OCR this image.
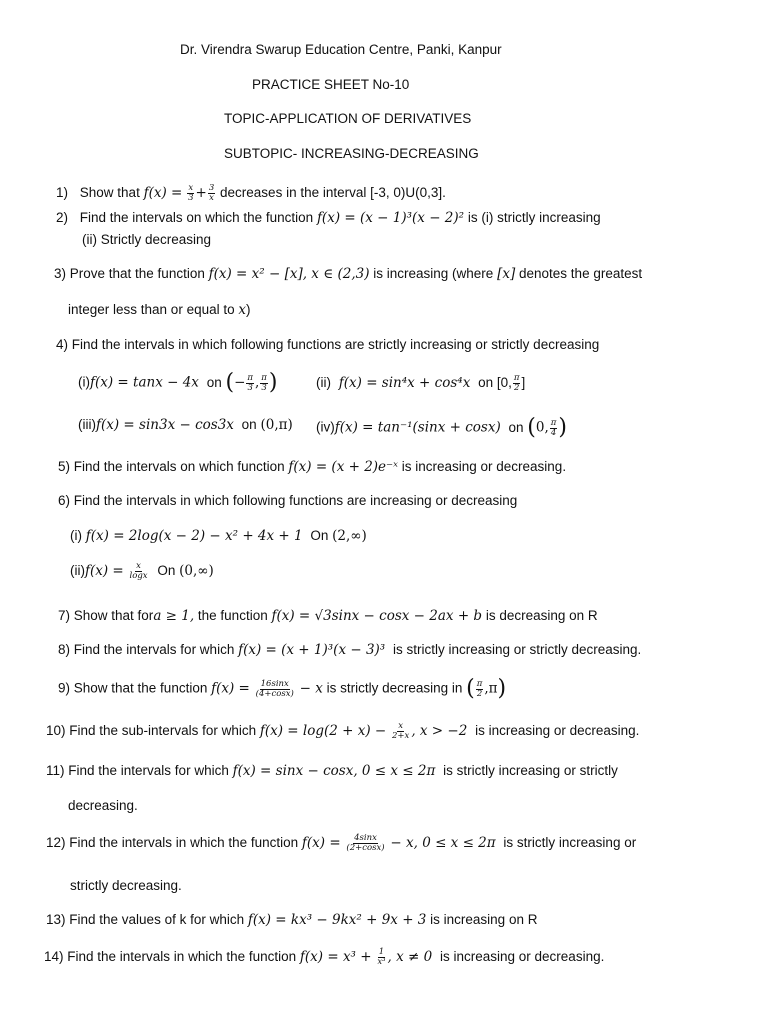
Dr. Virendra Swarup Education Centre, Panki, Kanpur
PRACTICE SHEET No-10
TOPIC-APPLICATION OF DERIVATIVES
SUBTOPIC- INCREASING-DECREASING
1) Show that $f(x) = \frac{x}{3} + \frac{3}{x}$ decreases in the interval [-3, 0)U(0,3].
2) Find the intervals on which the function f(x) = (x − 1)³(x − 2)² is (i) strictly increasing
(ii) Strictly decreasing
3) Prove that the function f(x) = x² − [x], x ∈ (2,3) is increasing (where [x] denotes the greatest
integer less than or equal to x)
4) Find the intervals in which following functions are strictly increasing or strictly decreasing
(i)f(x) = tanx − 4x on (− $\frac{\pi}{3}$ , $\frac{\pi}{3}$ )	(ii) f(x) = sin⁴x + cos⁴x on [0, $\frac{\pi}{2}$ ]
(iii)f(x) = sin3x − cos3x on (0,π) (iv)f(x) = tan⁻¹(sinx + cosx) on (0, $\frac{\pi}{4}$ )
5) Find the intervals on which function f(x) = (x + 2)e⁻ˣ is increasing or decreasing.
6) Find the intervals in which following functions are increasing or decreasing
(i) f(x) = 2log(x − 2) − x² + 4x + 1 On (2,∞)
$(ii)f(x) = \frac{x}{\log x}$ On (0,∞)
7) Show that fora ≥ 1, the function f(x) = √3sinx − cosx − 2ax + b is decreasing on R
8) Find the intervals for which f(x) = (x + 1)³(x − 3)³ is strictly increasing or strictly decreasing.
9) Show that the function $f(x) = \frac{16\sin x}{(4+\cos x)} - x$ is strictly decreasing in ( $\frac{\pi}{2} ,\pi$)
10) Find the sub-intervals for which $f(x) = \log(2 + x) - \frac{x}{2+x}$ , x > −2 is increasing or decreasing.
11) Find the intervals for which f(x) = sinx − cosx, 0 ≤ x ≤ 2π is strictly increasing or strictly
decreasing.
12) Find the intervals in which the function $f(x) = \frac{4\sin x}{(2+\cos x)} - x$, 0 ≤ x ≤ 2π is strictly increasing or
strictly decreasing.
13) Find the values of k for which f(x) = kx³ − 9kx² + 9x + 3 is increasing on R
14) Find the intervals in which the function $f(x) = x^3 + \frac{1}{\text{x³}}$ , x ≠ 0 is increasing or decreasing.
